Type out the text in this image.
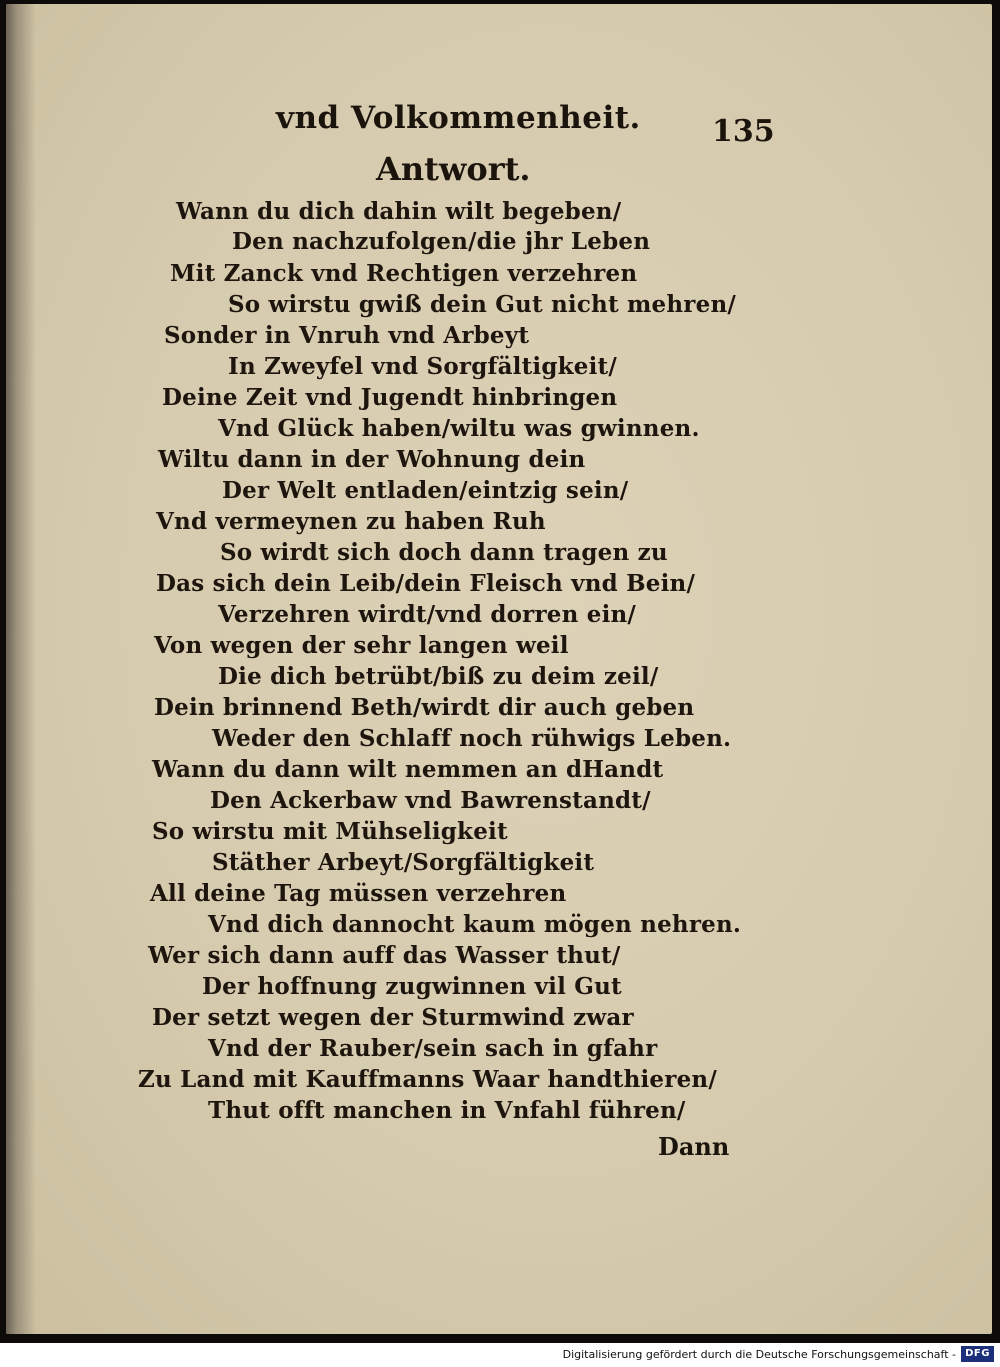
vnd Volkommenheit. 135
Antwort.
Wann du dich dahin wilt begeben/
Den nachzufolgen/die jhr Leben
Mit Zanck vnd Rechtigen verzehren
So wirstu gwiß dein Gut nicht mehren/
Sonder in Vnruh vnd Arbeyt
In Zweyfel vnd Sorgfältigkeit/
Deine Zeit vnd Jugendt hinbringen
Vnd Glück haben/wiltu was gwinnen.
Wiltu dann in der Wohnung dein
Der Welt entladen/eintzig sein/
Vnd vermeynen zu haben Ruh
So wirdt sich doch dann tragen zu
Das sich dein Leib/dein Fleisch vnd Bein/
Verzehren wirdt/vnd dorren ein/
Von wegen der sehr langen weil
Die dich betrübt/biß zu deim zeil/
Dein brinnend Beth/wirdt dir auch geben
Weder den Schlaff noch rühwigs Leben.
Wann du dann wilt nemmen an dHandt
Den Ackerbaw vnd Bawrenstandt/
So wirstu mit Mühseligkeit
Stäther Arbeyt/Sorgfältigkeit
All deine Tag müssen verzehren
Vnd dich dannocht kaum mögen nehren.
Wer sich dann auff das Wasser thut/
Der hoffnung zugwinnen vil Gut
Der setzt wegen der Sturmwind zwar
Vnd der Rauber/sein sach in gfahr
Zu Land mit Kauffmanns Waar handthieren/
Thut offt manchen in Vnfahl führen/
Dann
Digitalisierung gefördert durch die Deutsche Forschungsgemeinschaft - DFG
